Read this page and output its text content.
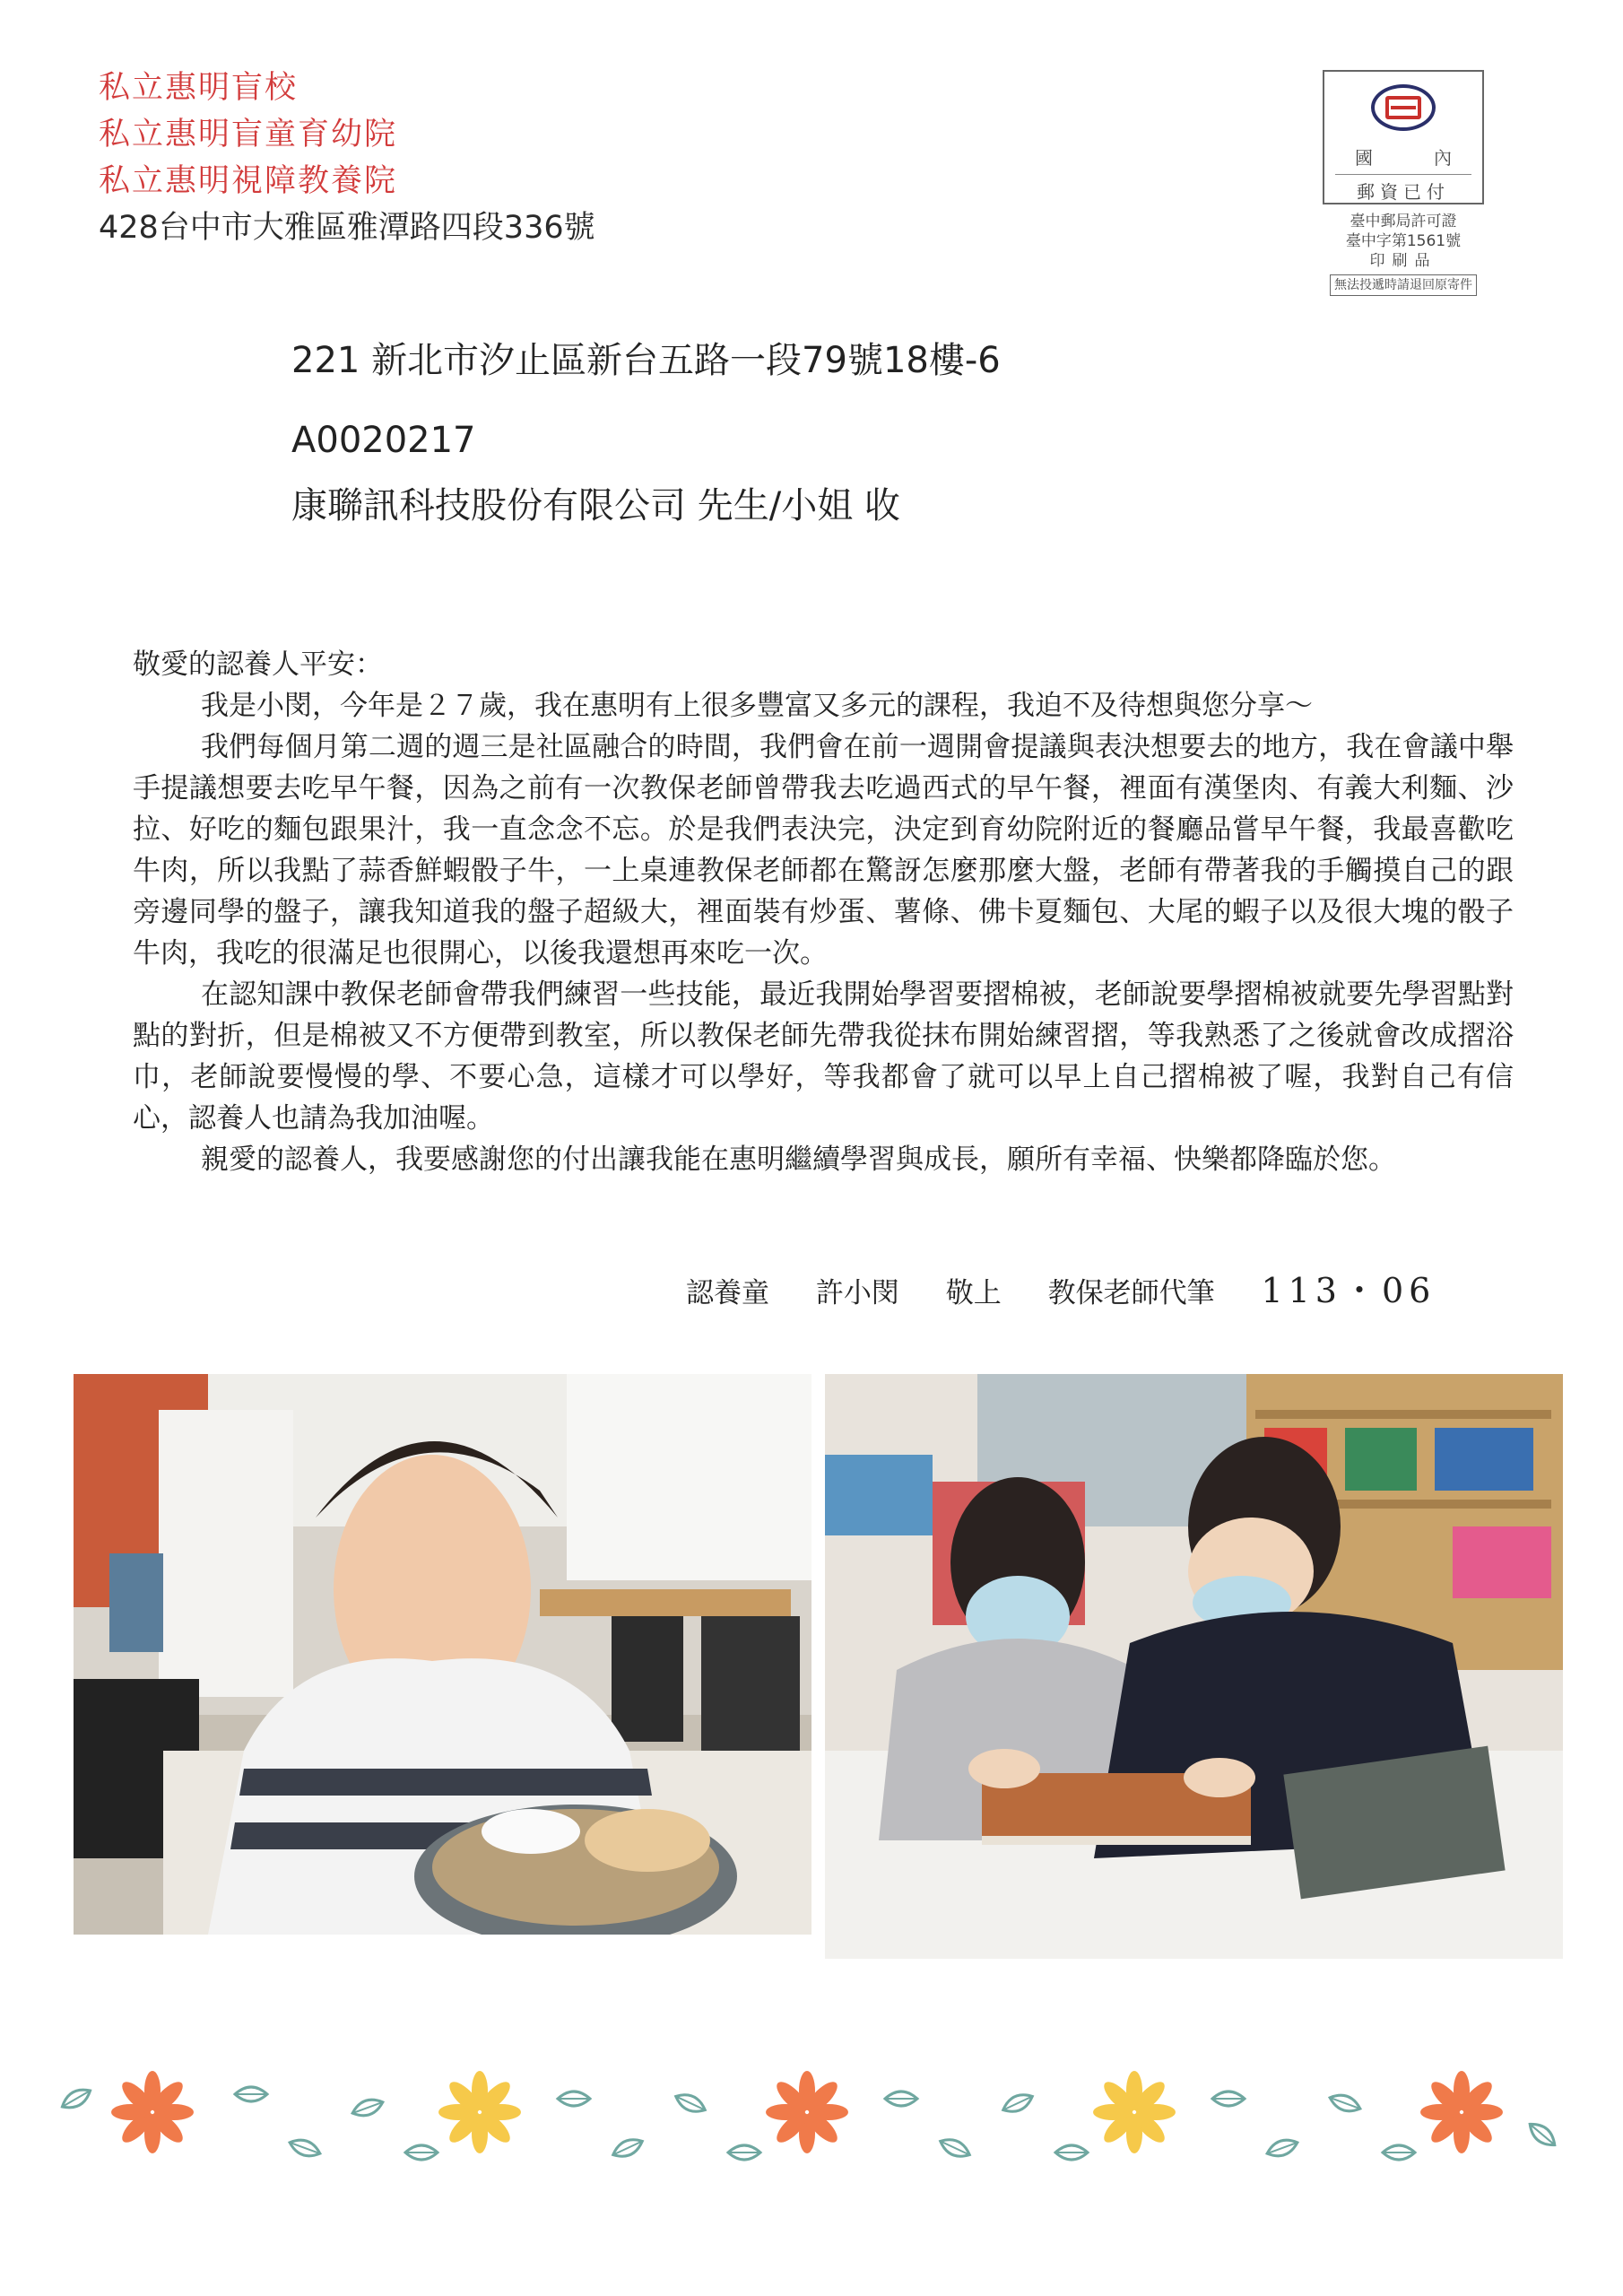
私立惠明盲校
私立惠明盲童育幼院
私立惠明視障教養院
428台中市大雅區雅潭路四段336號
國	內
郵資已付
臺中郵局許可證
臺中字第1561號
印刷品
無法投遞時請退回原寄件
221 新北市汐止區新台五路一段79號18樓-6
A0020217
康聯訊科技股份有限公司 先生/小姐 收

敬愛的認養人平安：

我是小閔，今年是２７歲，我在惠明有上很多豐富又多元的課程，我迫不及待想與您分享～

我們每個月第二週的週三是社區融合的時間，我們會在前一週開會提議與表決想要去的地方，我在會議中舉手提議想要去吃早午餐，因為之前有一次教保老師曾帶我去吃過西式的早午餐，裡面有漢堡肉、有義大利麵、沙拉、好吃的麵包跟果汁，我一直念念不忘。於是我們表決完，決定到育幼院附近的餐廳品嘗早午餐，我最喜歡吃牛肉，所以我點了蒜香鮮蝦骰子牛，一上桌連教保老師都在驚訝怎麼那麼大盤，老師有帶著我的手觸摸自己的跟旁邊同學的盤子，讓我知道我的盤子超級大，裡面裝有炒蛋、薯條、佛卡夏麵包、大尾的蝦子以及很大塊的骰子牛肉，我吃的很滿足也很開心，以後我還想再來吃一次。

在認知課中教保老師會帶我們練習一些技能，最近我開始學習要摺棉被，老師說要學摺棉被就要先學習點對點的對折，但是棉被又不方便帶到教室，所以教保老師先帶我從抹布開始練習摺，等我熟悉了之後就會改成摺浴巾，老師說要慢慢的學、不要心急，這樣才可以學好，等我都會了就可以早上自己摺棉被了喔，我對自己有信心，認養人也請為我加油喔。

親愛的認養人，我要感謝您的付出讓我能在惠明繼續學習與成長，願所有幸福、快樂都降臨於您。

認養童 許小閔 敬上 教保老師代筆 113・06
